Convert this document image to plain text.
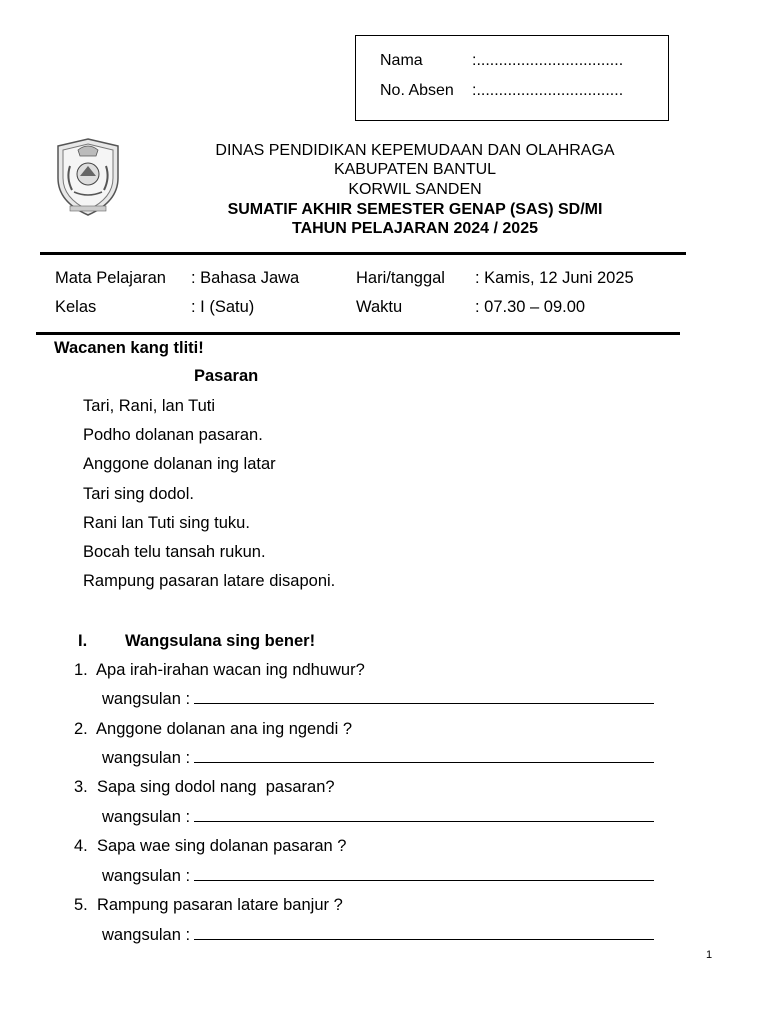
Nama	:.................................
No. Absen :.................................
DINAS PENDIDIKAN KEPEMUDAAN DAN OLAHRAGA
KABUPATEN BANTUL
KORWIL SANDEN
SUMATIF AKHIR SEMESTER GENAP (SAS) SD/MI
TAHUN PELAJARAN 2024 / 2025
Mata Pelajaran : Bahasa Jawa	Hari/tanggal : Kamis, 12 Juni 2025
Kelas	: I (Satu)	Waktu	: 07.30 – 09.00
Wacanen kang tliti!
Pasaran
Tari, Rani, lan Tuti
Podho dolanan pasaran.
Anggone dolanan ing latar
Tari sing dodol.
Rani lan Tuti sing tuku.
Bocah telu tansah rukun.
Rampung pasaran latare disaponi.
I. Wangsulana sing bener!
1. Apa irah-irahan wacan ing ndhuwur?
wangsulan :
2. Anggone dolanan ana ing ngendi ?
wangsulan :
3. Sapa sing dodol nang  pasaran?
wangsulan :
4. Sapa wae sing dolanan pasaran ?
wangsulan :
5. Rampung pasaran latare banjur ?
wangsulan :
1
